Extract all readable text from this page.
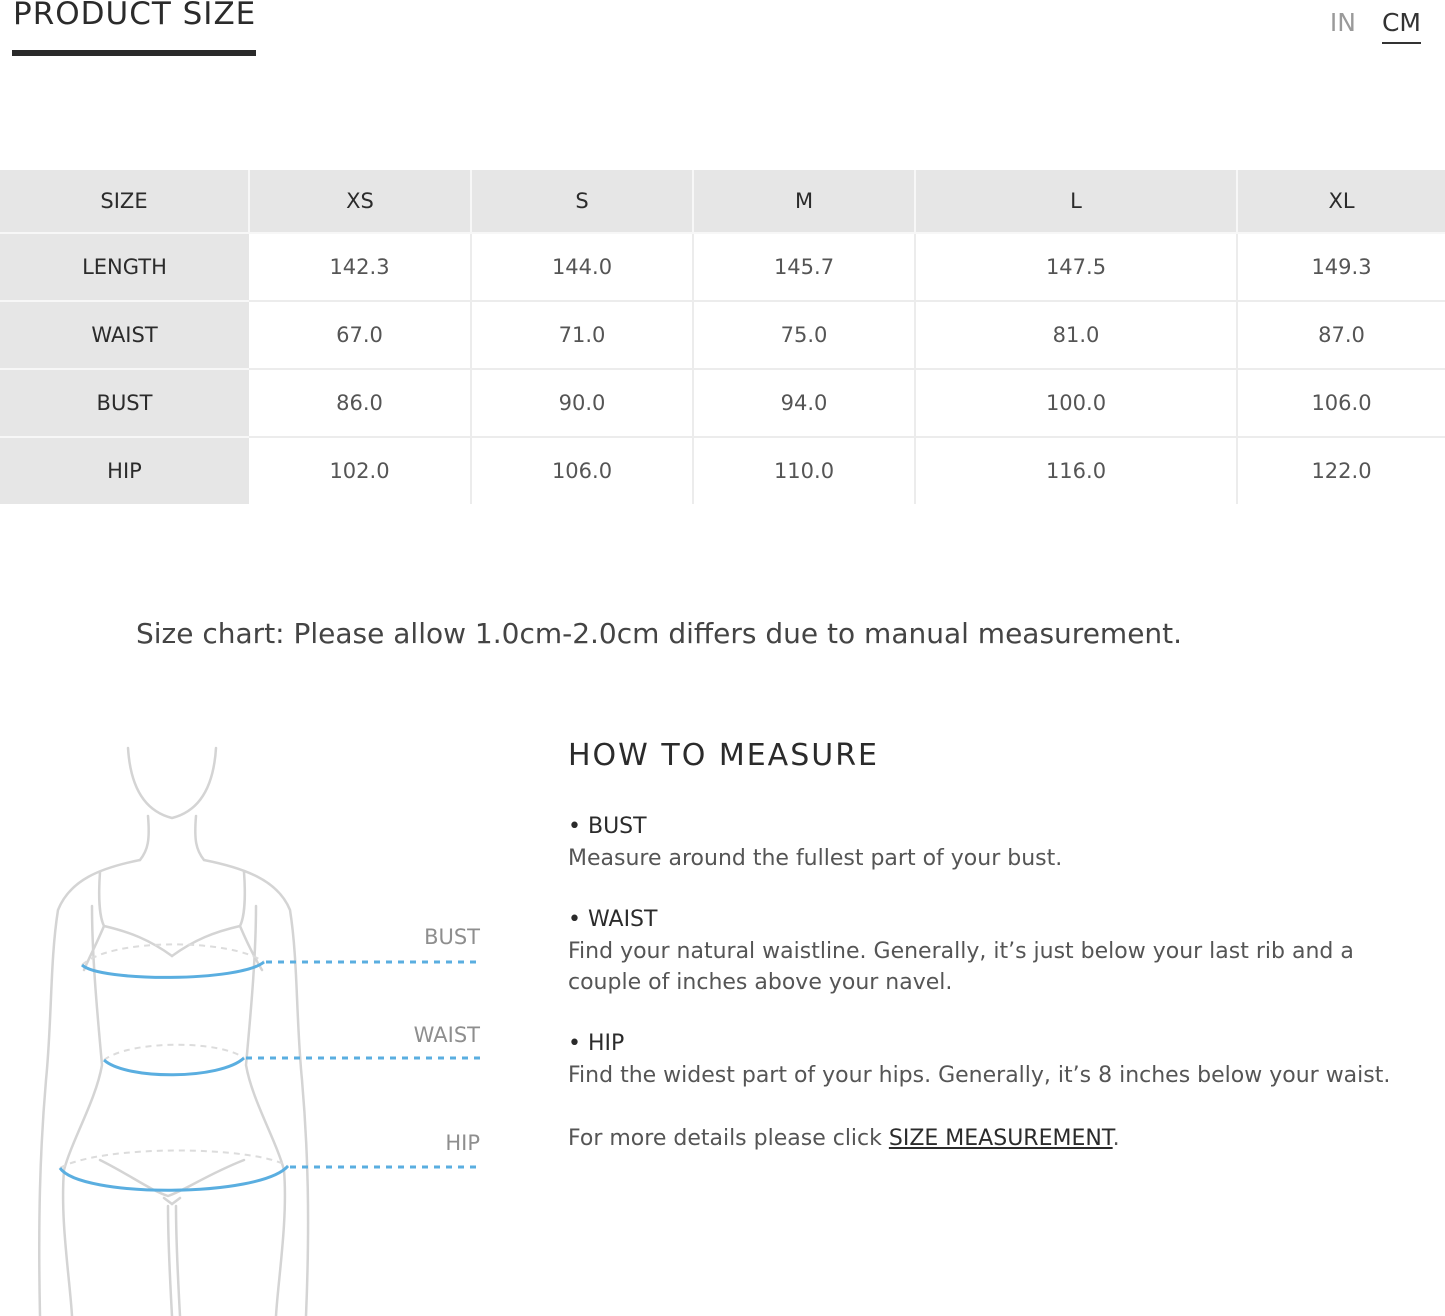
PRODUCT SIZE	IN CM
SIZE	XS	S	M	L	XL
LENGTH	142.3	144.0	145.7	147.5	149.3
WAIST	67.0	71.0	75.0	81.0	87.0
BUST	86.0	90.0	94.0	100.0	106.0
HIP	102.0	106.0	110.0	116.0	122.0

Size chart: Please allow 1.0cm-2.0cm differs due to manual measurement.

BUST
WAIST
HIP
HOW TO MEASURE
• BUST
Measure around the fullest part of your bust.
• WAIST
Find your natural waistline. Generally, it’s just below your last rib and a couple of inches above your navel.
• HIP
Find the widest part of your hips. Generally, it’s 8 inches below your waist.
For more details please click SIZE MEASUREMENT.
